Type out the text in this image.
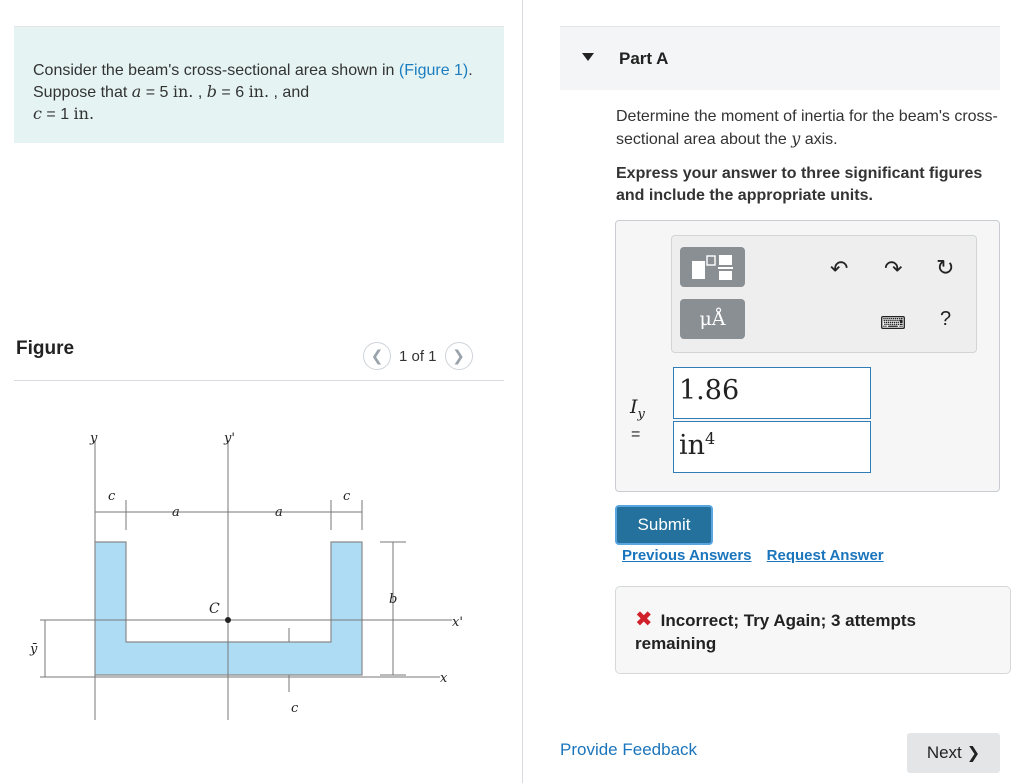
Consider the beam's cross-sectional area shown in (Figure 1). Suppose that a = 5 in. , b = 6 in. , and
c = 1 in.
Figure	❮	1 of 1	❯
y	y'
c
a	a
c
C
b
x'
x
ȳ
c
Part A
Determine the moment of inertia for the beam's cross-sectional area about the y axis.
Express your answer to three significant figures and include the appropriate units.
μÅ
↶ ↷ ↻
⌨ ?
$I_y$
=
1.86
$in^4$
Submit
Previous Answers Request Answer
✖ Incorrect; Try Again; 3 attempts remaining
Provide Feedback	Next ❯
